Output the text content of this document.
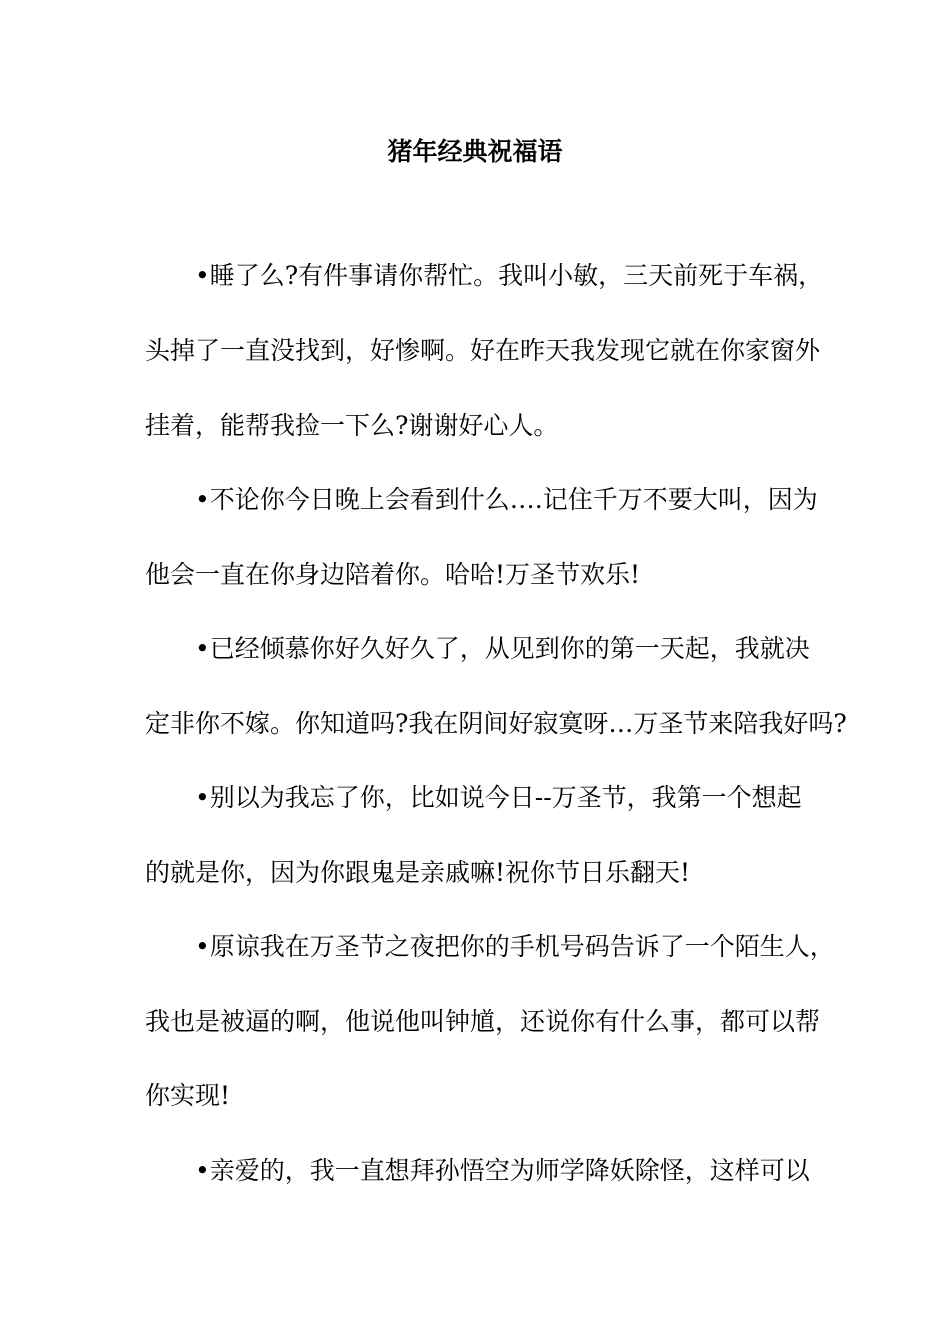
猪年经典祝福语
•睡了么?有件事请你帮忙。我叫小敏，三天前死于车祸，
头掉了一直没找到，好惨啊。好在昨天我发现它就在你家窗外
挂着，能帮我捡一下么?谢谢好心人。
•不论你今日晚上会看到什么….记住千万不要大叫，因为
他会一直在你身边陪着你。哈哈!万圣节欢乐!
•已经倾慕你好久好久了，从见到你的第一天起，我就决
定非你不嫁。你知道吗?我在阴间好寂寞呀…万圣节来陪我好吗?
•别以为我忘了你，比如说今日--万圣节，我第一个想起
的就是你，因为你跟鬼是亲戚嘛!祝你节日乐翻天!
•原谅我在万圣节之夜把你的手机号码告诉了一个陌生人，
我也是被逼的啊，他说他叫钟馗，还说你有什么事，都可以帮
你实现!
•亲爱的，我一直想拜孙悟空为师学降妖除怪，这样可以
